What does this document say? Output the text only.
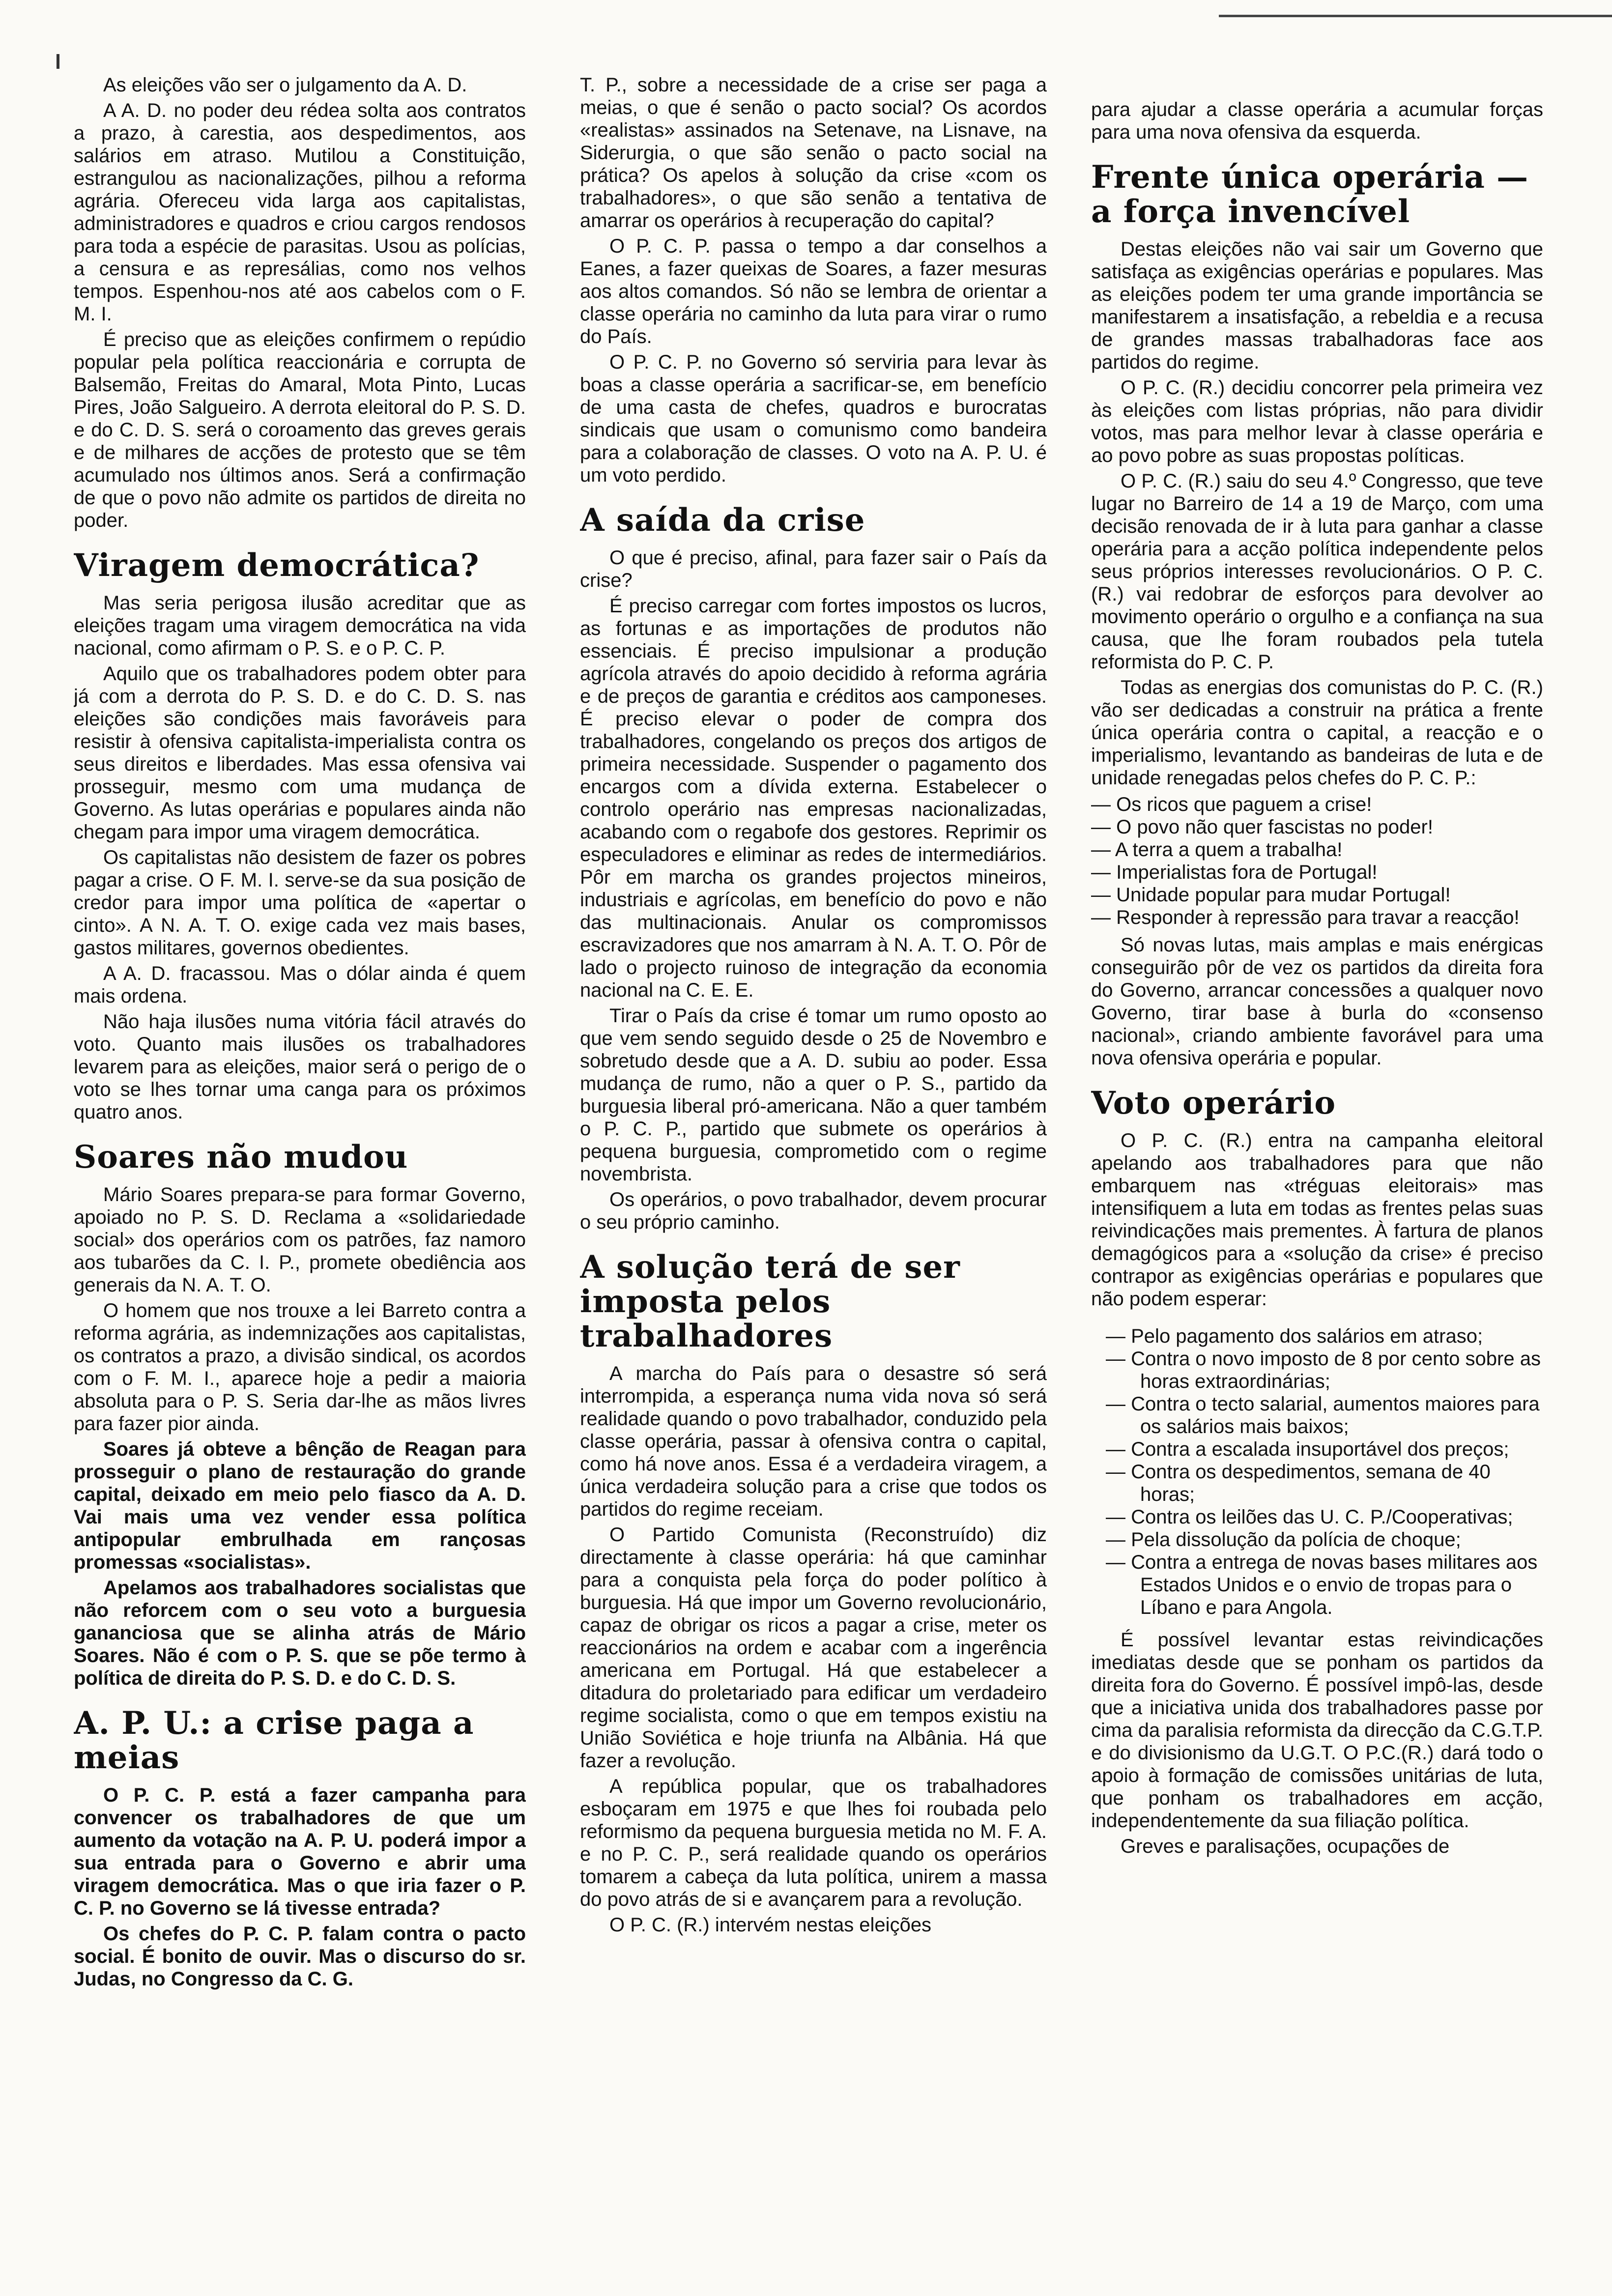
As eleições vão ser o julgamento da A. D.

A A. D. no poder deu rédea solta aos contratos a prazo, à carestia, aos despedimentos, aos salários em atraso. Mutilou a Constituição, estrangulou as nacionalizações, pilhou a reforma agrária. Ofereceu vida larga aos capitalistas, administradores e quadros e criou cargos rendosos para toda a espécie de parasitas. Usou as polícias, a censura e as represálias, como nos velhos tempos. Espenhou-nos até aos cabelos com o F. M. I.

É preciso que as eleições confirmem o repúdio popular pela política reaccionária e corrupta de Balsemão, Freitas do Amaral, Mota Pinto, Lucas Pires, João Salgueiro. A derrota eleitoral do P. S. D. e do C. D. S. será o coroamento das greves gerais e de milhares de acções de protesto que se têm acumulado nos últimos anos. Será a confirmação de que o povo não admite os partidos de direita no poder.

Viragem democrática?

Mas seria perigosa ilusão acreditar que as eleições tragam uma viragem democrática na vida nacional, como afirmam o P. S. e o P. C. P.

Aquilo que os trabalhadores podem obter para já com a derrota do P. S. D. e do C. D. S. nas eleições são condições mais favoráveis para resistir à ofensiva capitalista-imperialista contra os seus direitos e liberdades. Mas essa ofensiva vai prosseguir, mesmo com uma mudança de Governo. As lutas operárias e populares ainda não chegam para impor uma viragem democrática.

Os capitalistas não desistem de fazer os pobres pagar a crise. O F. M. I. serve-se da sua posição de credor para impor uma política de «apertar o cinto». A N. A. T. O. exige cada vez mais bases, gastos militares, governos obedientes.

A A. D. fracassou. Mas o dólar ainda é quem mais ordena.

Não haja ilusões numa vitória fácil através do voto. Quanto mais ilusões os trabalhadores levarem para as eleições, maior será o perigo de o voto se lhes tornar uma canga para os próximos quatro anos.

Soares não mudou

Mário Soares prepara-se para formar Governo, apoiado no P. S. D. Reclama a «solidariedade social» dos operários com os patrões, faz namoro aos tubarões da C. I. P., promete obediência aos generais da N. A. T. O.

O homem que nos trouxe a lei Barreto contra a reforma agrária, as indemnizações aos capitalistas, os contratos a prazo, a divisão sindical, os acordos com o F. M. I., aparece hoje a pedir a maioria absoluta para o P. S. Seria dar-lhe as mãos livres para fazer pior ainda.

Soares já obteve a bênção de Reagan para prosseguir o plano de restauração do grande capital, deixado em meio pelo fiasco da A. D. Vai mais uma vez vender essa política antipopular embrulhada em rançosas promessas «socialistas».

Apelamos aos trabalhadores socialistas que não reforcem com o seu voto a burguesia gananciosa que se alinha atrás de Mário Soares. Não é com o P. S. que se põe termo à política de direita do P. S. D. e do C. D. S.

A. P. U.: a crise paga a meias

O P. C. P. está a fazer campanha para convencer os trabalhadores de que um aumento da votação na A. P. U. poderá impor a sua entrada para o Governo e abrir uma viragem democrática. Mas o que iria fazer o P. C. P. no Governo se lá tivesse entrada?

Os chefes do P. C. P. falam contra o pacto social. É bonito de ouvir. Mas o discurso do sr. Judas, no Congresso da C. G.

T. P., sobre a necessidade de a crise ser paga a meias, o que é senão o pacto social? Os acordos «realistas» assinados na Setenave, na Lisnave, na Siderurgia, o que são senão o pacto social na prática? Os apelos à solução da crise «com os trabalhadores», o que são senão a tentativa de amarrar os operários à recuperação do capital?

O P. C. P. passa o tempo a dar conselhos a Eanes, a fazer queixas de Soares, a fazer mesuras aos altos comandos. Só não se lembra de orientar a classe operária no caminho da luta para virar o rumo do País.

O P. C. P. no Governo só serviria para levar às boas a classe operária a sacrificar-se, em benefício de uma casta de chefes, quadros e burocratas sindicais que usam o comunismo como bandeira para a colaboração de classes. O voto na A. P. U. é um voto perdido.

A saída da crise

O que é preciso, afinal, para fazer sair o País da crise?

É preciso carregar com fortes impostos os lucros, as fortunas e as importações de produtos não essenciais. É preciso impulsionar a produção agrícola através do apoio decidido à reforma agrária e de preços de garantia e créditos aos camponeses. É preciso elevar o poder de compra dos trabalhadores, congelando os preços dos artigos de primeira necessidade. Suspender o pagamento dos encargos com a dívida externa. Estabelecer o controlo operário nas empresas nacionalizadas, acabando com o regabofe dos gestores. Reprimir os especuladores e eliminar as redes de intermediários. Pôr em marcha os grandes projectos mineiros, industriais e agrícolas, em benefício do povo e não das multinacionais. Anular os compromissos escravizadores que nos amarram à N. A. T. O. Pôr de lado o projecto ruinoso de integração da economia nacional na C. E. E.

Tirar o País da crise é tomar um rumo oposto ao que vem sendo seguido desde o 25 de Novembro e sobretudo desde que a A. D. subiu ao poder. Essa mudança de rumo, não a quer o P. S., partido da burguesia liberal pró-americana. Não a quer também o P. C. P., partido que submete os operários à pequena burguesia, comprometido com o regime novembrista.

Os operários, o povo trabalhador, devem procurar o seu próprio caminho.

A solução terá de ser imposta pelos trabalhadores

A marcha do País para o desastre só será interrompida, a esperança numa vida nova só será realidade quando o povo trabalhador, conduzido pela classe operária, passar à ofensiva contra o capital, como há nove anos. Essa é a verdadeira viragem, a única verdadeira solução para a crise que todos os partidos do regime receiam.

O Partido Comunista (Reconstruído) diz directamente à classe operária: há que caminhar para a conquista pela força do poder político à burguesia. Há que impor um Governo revolucionário, capaz de obrigar os ricos a pagar a crise, meter os reaccionários na ordem e acabar com a ingerência americana em Portugal. Há que estabelecer a ditadura do proletariado para edificar um verdadeiro regime socialista, como o que em tempos existiu na União Soviética e hoje triunfa na Albânia. Há que fazer a revolução.

A república popular, que os trabalhadores esboçaram em 1975 e que lhes foi roubada pelo reformismo da pequena burguesia metida no M. F. A. e no P. C. P., será realidade quando os operários tomarem a cabeça da luta política, unirem a massa do povo atrás de si e avançarem para a revolução.

O P. C. (R.) intervém nestas eleições

para ajudar a classe operária a acumular forças para uma nova ofensiva da esquerda.

Frente única operária — a força invencível

Destas eleições não vai sair um Governo que satisfaça as exigências operárias e populares. Mas as eleições podem ter uma grande importância se manifestarem a insatisfação, a rebeldia e a recusa de grandes massas trabalhadoras face aos partidos do regime.

O P. C. (R.) decidiu concorrer pela primeira vez às eleições com listas próprias, não para dividir votos, mas para melhor levar à classe operária e ao povo pobre as suas propostas políticas.

O P. C. (R.) saiu do seu 4.º Congresso, que teve lugar no Barreiro de 14 a 19 de Março, com uma decisão renovada de ir à luta para ganhar a classe operária para a acção política independente pelos seus próprios interesses revolucionários. O P. C. (R.) vai redobrar de esforços para devolver ao movimento operário o orgulho e a confiança na sua causa, que lhe foram roubados pela tutela reformista do P. C. P.

Todas as energias dos comunistas do P. C. (R.) vão ser dedicadas a construir na prática a frente única operária contra o capital, a reacção e o imperialismo, levantando as bandeiras de luta e de unidade renegadas pelos chefes do P. C. P.:

— Os ricos que paguem a crise!
— O povo não quer fascistas no poder!
— A terra a quem a trabalha!
— Imperialistas fora de Portugal!
— Unidade popular para mudar Portugal!
— Responder à repressão para travar a reacção!

Só novas lutas, mais amplas e mais enérgicas conseguirão pôr de vez os partidos da direita fora do Governo, arrancar concessões a qualquer novo Governo, tirar base à burla do «consenso nacional», criando ambiente favorável para uma nova ofensiva operária e popular.

Voto operário

O P. C. (R.) entra na campanha eleitoral apelando aos trabalhadores para que não embarquem nas «tréguas eleitorais» mas intensifiquem a luta em todas as frentes pelas suas reivindicações mais prementes. À fartura de planos demagógicos para a «solução da crise» é preciso contrapor as exigências operárias e populares que não podem esperar:

— Pelo pagamento dos salários em atraso;
— Contra o novo imposto de 8 por cento sobre as horas extraordinárias;
— Contra o tecto salarial, aumentos maiores para os salários mais baixos;
— Contra a escalada insuportável dos preços;
— Contra os despedimentos, semana de 40 horas;
— Contra os leilões das U. C. P./Cooperativas;
— Pela dissolução da polícia de choque;
— Contra a entrega de novas bases militares aos Estados Unidos e o envio de tropas para o Líbano e para Angola.

É possível levantar estas reivindicações imediatas desde que se ponham os partidos da direita fora do Governo. É possível impô-las, desde que a iniciativa unida dos trabalhadores passe por cima da paralisia reformista da direcção da C.G.T.P. e do divisionismo da U.G.T. O P.C.(R.) dará todo o apoio à formação de comissões unitárias de luta, que ponham os trabalhadores em acção, independentemente da sua filiação política.

Greves e paralisações, ocupações de
